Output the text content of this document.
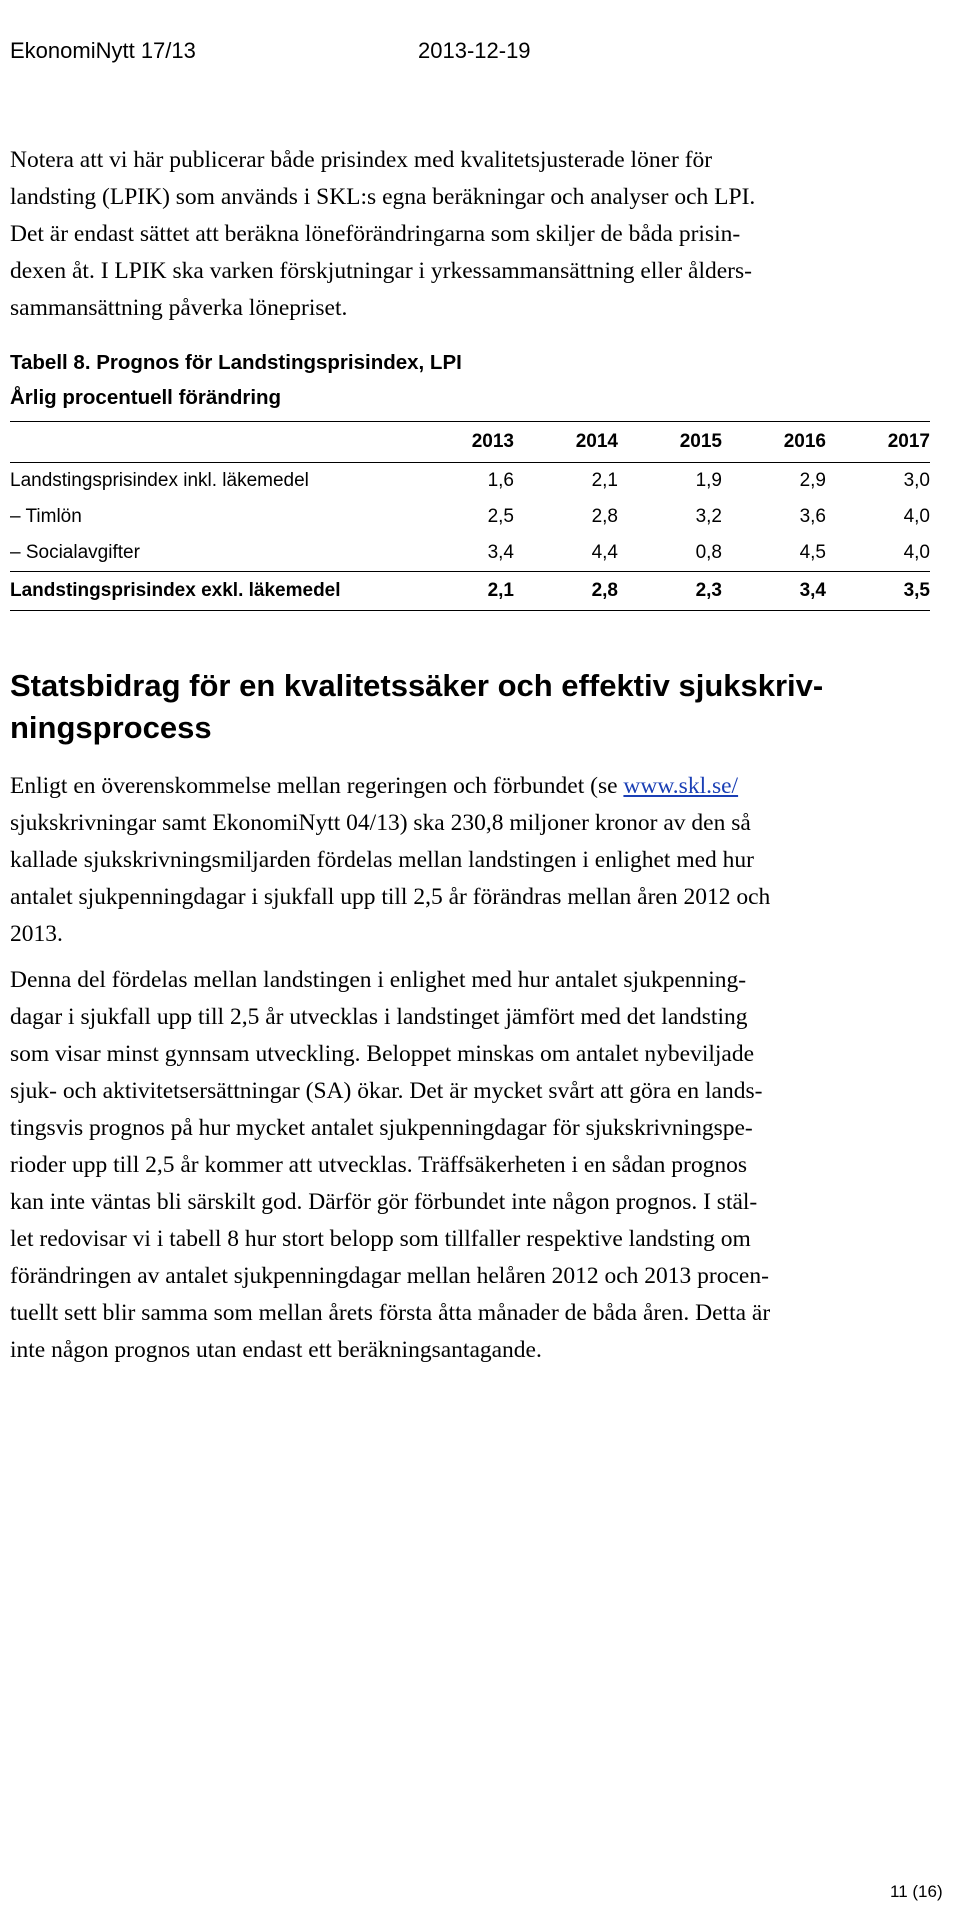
EkonomiNytt 17/13	2013-12-19

Notera att vi här publicerar både prisindex med kvalitetsjusterade löner för
landsting (LPIK) som används i SKL:s egna beräkningar och analyser och LPI.
Det är endast sättet att beräkna löneförändringarna som skiljer de båda prisin-
dexen åt. I LPIK ska varken förskjutningar i yrkessammansättning eller ålders-
sammansättning påverka lönepriset.

Tabell 8. Prognos för Landstingsprisindex, LPI

Årlig procentuell förändring

	2013	2014	2015	2016	2017
Landstingsprisindex inkl. läkemedel	1,6	2,1	1,9	2,9	3,0
– Timlön	2,5	2,8	3,2	3,6	4,0
– Socialavgifter	3,4	4,4	0,8	4,5	4,0
Landstingsprisindex exkl. läkemedel	2,1	2,8	2,3	3,4	3,5
Statsbidrag för en kvalitetssäker och effektiv sjukskriv-
ningsprocess

Enligt en överenskommelse mellan regeringen och förbundet (se www.skl.se/
sjukskrivningar samt EkonomiNytt 04/13) ska 230,8 miljoner kronor av den så
kallade sjukskrivningsmiljarden fördelas mellan landstingen i enlighet med hur
antalet sjukpenningdagar i sjukfall upp till 2,5 år förändras mellan åren 2012 och
2013.

Denna del fördelas mellan landstingen i enlighet med hur antalet sjukpenning-
dagar i sjukfall upp till 2,5 år utvecklas i landstinget jämfört med det landsting
som visar minst gynnsam utveckling. Beloppet minskas om antalet nybeviljade
sjuk- och aktivitetsersättningar (SA) ökar. Det är mycket svårt att göra en lands-
tingsvis prognos på hur mycket antalet sjukpenningdagar för sjukskrivningspe-
rioder upp till 2,5 år kommer att utvecklas. Träffsäkerheten i en sådan prognos
kan inte väntas bli särskilt god. Därför gör förbundet inte någon prognos. I stäl-
let redovisar vi i tabell 8 hur stort belopp som tillfaller respektive landsting om
förändringen av antalet sjukpenningdagar mellan helåren 2012 och 2013 procen-
tuellt sett blir samma som mellan årets första åtta månader de båda åren. Detta är
inte någon prognos utan endast ett beräkningsantagande.

11 (16)
